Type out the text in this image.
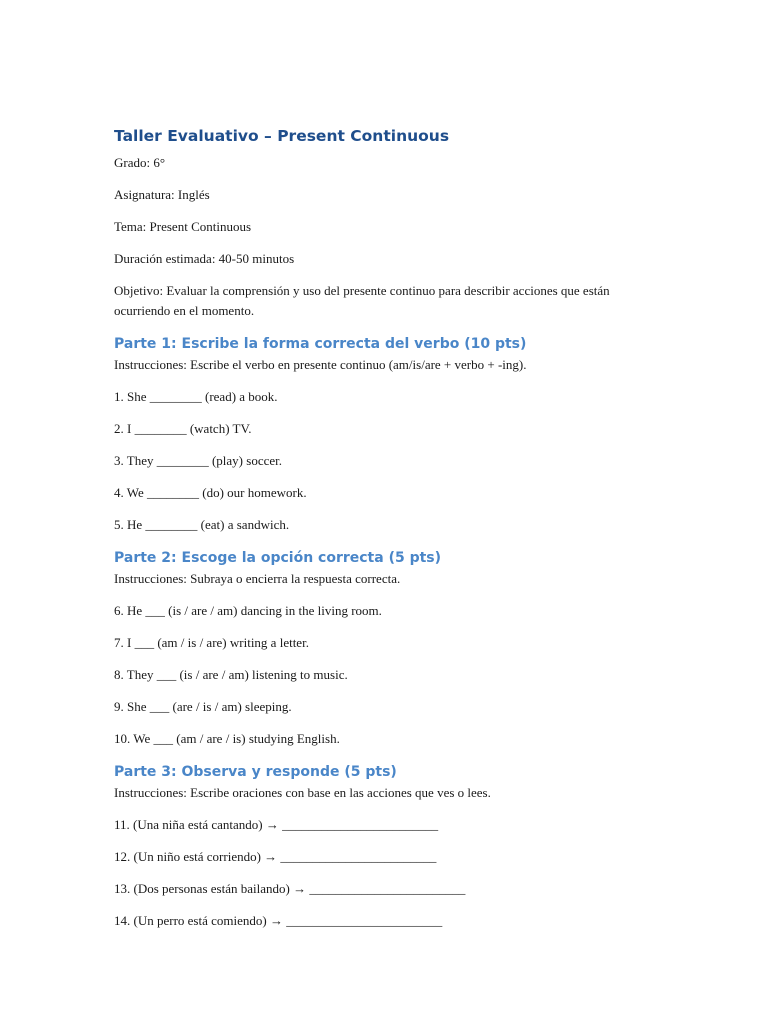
Taller Evaluativo – Present Continuous

Grado: 6°

Asignatura: Inglés

Tema: Present Continuous

Duración estimada: 40-50 minutos

Objetivo: Evaluar la comprensión y uso del presente continuo para describir acciones que están ocurriendo en el momento.

Parte 1: Escribe la forma correcta del verbo (10 pts)

Instrucciones: Escribe el verbo en presente continuo (am/is/are + verbo + -ing).

1. She ________ (read) a book.

2. I ________ (watch) TV.

3. They ________ (play) soccer.

4. We ________ (do) our homework.

5. He ________ (eat) a sandwich.

Parte 2: Escoge la opción correcta (5 pts)

Instrucciones: Subraya o encierra la respuesta correcta.

6. He ___ (is / are / am) dancing in the living room.

7. I ___ (am / is / are) writing a letter.

8. They ___ (is / are / am) listening to music.

9. She ___ (are / is / am) sleeping.

10. We ___ (am / are / is) studying English.

Parte 3: Observa y responde (5 pts)

Instrucciones: Escribe oraciones con base en las acciones que ves o lees.

11. (Una niña está cantando) → ________________________

12. (Un niño está corriendo) → ________________________

13. (Dos personas están bailando) → ________________________

14. (Un perro está comiendo) → ________________________
